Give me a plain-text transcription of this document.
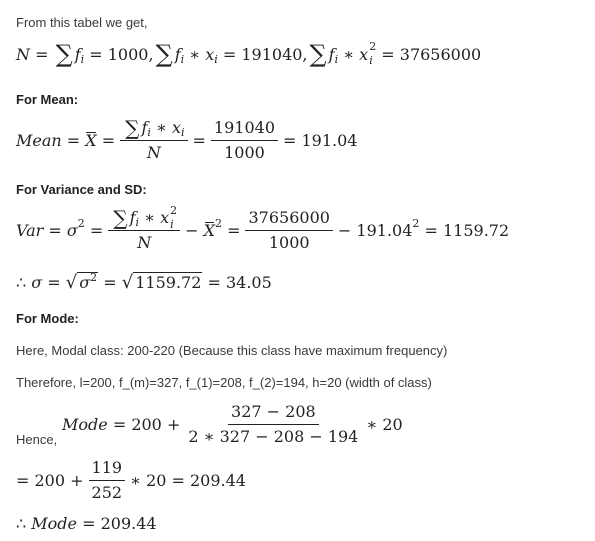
From this tabel we get,
N = ∑ f i = 1000 , ∑ f i ∗ x i = 191040 , ∑ f i ∗ x 2
i = 37656000
For Mean:
Mean = $X = \frac{\text{∑ f i ∗ x i}}{N} = \frac{191040}{1000} = 191.04$
For Variance and SD:
Var = σ 2 = ∑ f i ∗ x 2
i
N − X $2 = \frac{37656000}{1000} - 191.04$ 2 = 1159.72
∴ σ = √ σ 2 = √ 1159.72 = 34.05
For Mode:
Here, Modal class: 200-220 (Because this class have maximum frequency)
Therefore, l=200, f_(m)=327, f_(1)=208, f_(2)=194, h=20 (width of class)
Hence,
Mode = $200 + \frac{327 - 208}{2 ∗ 327 - 208 - 194}$ ∗ 20
= $200 + \frac{119}{252}$ ∗ 20 = 209.44
∴ Mode = 209.44
